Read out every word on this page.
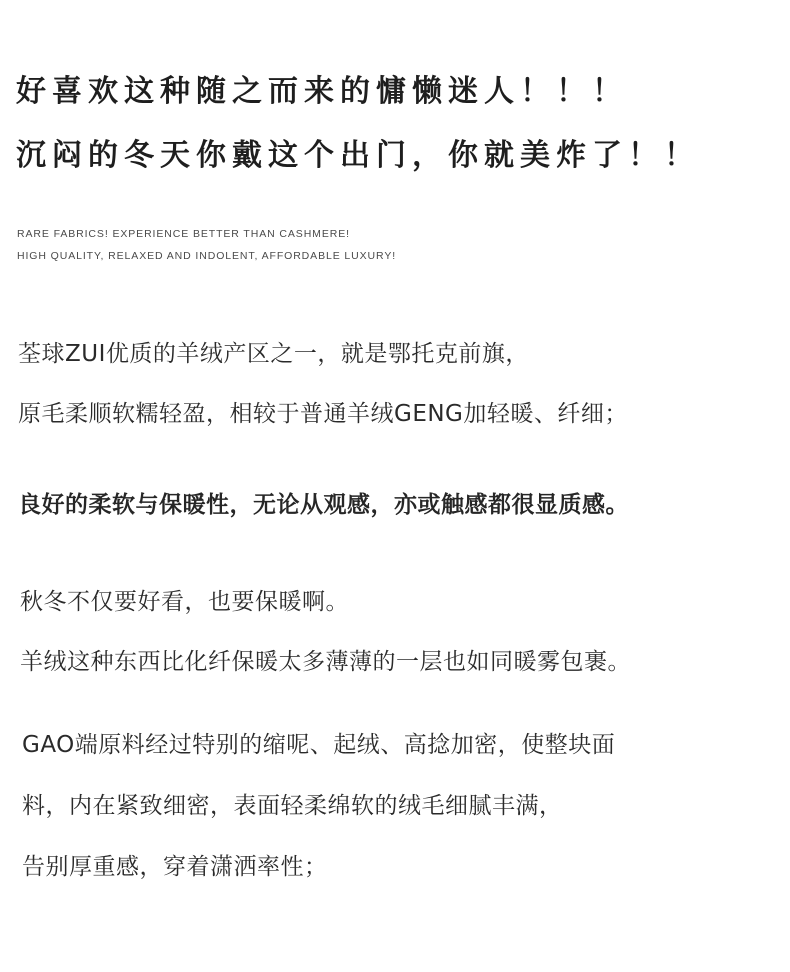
好喜欢这种随之而来的慵懒迷人！！！
沉闷的冬天你戴这个出门，你就美炸了！！
RARE FABRICS! EXPERIENCE BETTER THAN CASHMERE!
HIGH QUALITY, RELAXED AND INDOLENT, AFFORDABLE LUXURY!
荃球ZUI优质的羊绒产区之一，就是鄂托克前旗，
原毛柔顺软糯轻盈，相较于普通羊绒GENG加轻暖、纤细；
良好的柔软与保暖性，无论从观感，亦或触感都很显质感。
秋冬不仅要好看，也要保暖啊。
羊绒这种东西比化纤保暖太多薄薄的一层也如同暖雾包裹。
GAO端原料经过特别的缩呢、起绒、高捻加密，使整块面
料，内在紧致细密，表面轻柔绵软的绒毛细腻丰满，
告别厚重感，穿着潇洒率性；
